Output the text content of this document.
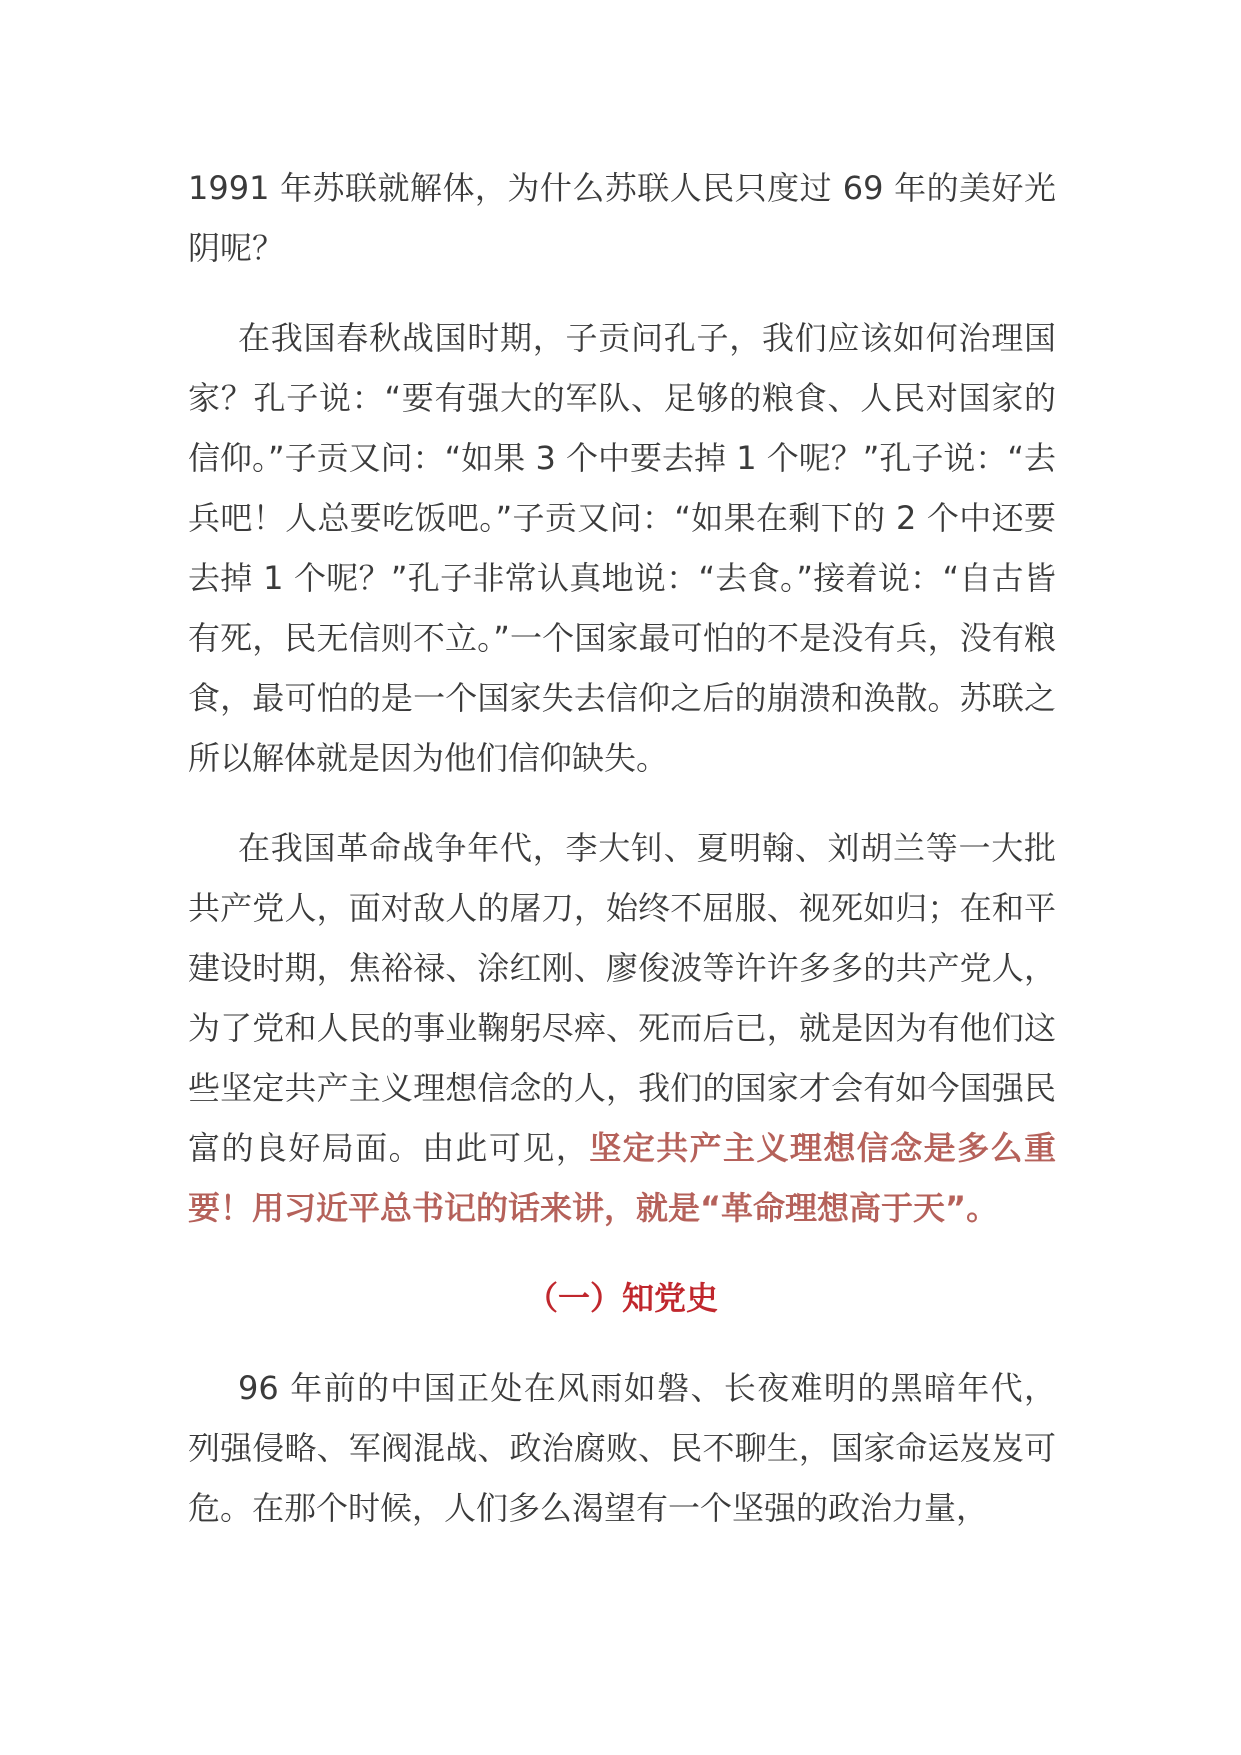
1991 年苏联就解体，为什么苏联人民只度过 69 年的美好光阴呢？

在我国春秋战国时期，子贡问孔子，我们应该如何治理国家？孔子说：“要有强大的军队、足够的粮食、人民对国家的信仰。”子贡又问：“如果 3 个中要去掉 1 个呢？”孔子说：“去兵吧！人总要吃饭吧。”子贡又问：“如果在剩下的 2 个中还要去掉 1 个呢？”孔子非常认真地说：“去食。”接着说：“自古皆有死，民无信则不立。”一个国家最可怕的不是没有兵，没有粮食，最可怕的是一个国家失去信仰之后的崩溃和涣散。苏联之所以解体就是因为他们信仰缺失。

在我国革命战争年代，李大钊、夏明翰、刘胡兰等一大批共产党人，面对敌人的屠刀，始终不屈服、视死如归；在和平建设时期，焦裕禄、涂红刚、廖俊波等许许多多的共产党人，为了党和人民的事业鞠躬尽瘁、死而后已，就是因为有他们这些坚定共产主义理想信念的人，我们的国家才会有如今国强民富的良好局面。由此可见，坚定共产主义理想信念是多么重要！用习近平总书记的话来讲，就是“革命理想高于天”。

（一）知党史

96 年前的中国正处在风雨如磐、长夜难明的黑暗年代，列强侵略、军阀混战、政治腐败、民不聊生，国家命运岌岌可危。在那个时候，人们多么渴望有一个坚强的政治力量，
